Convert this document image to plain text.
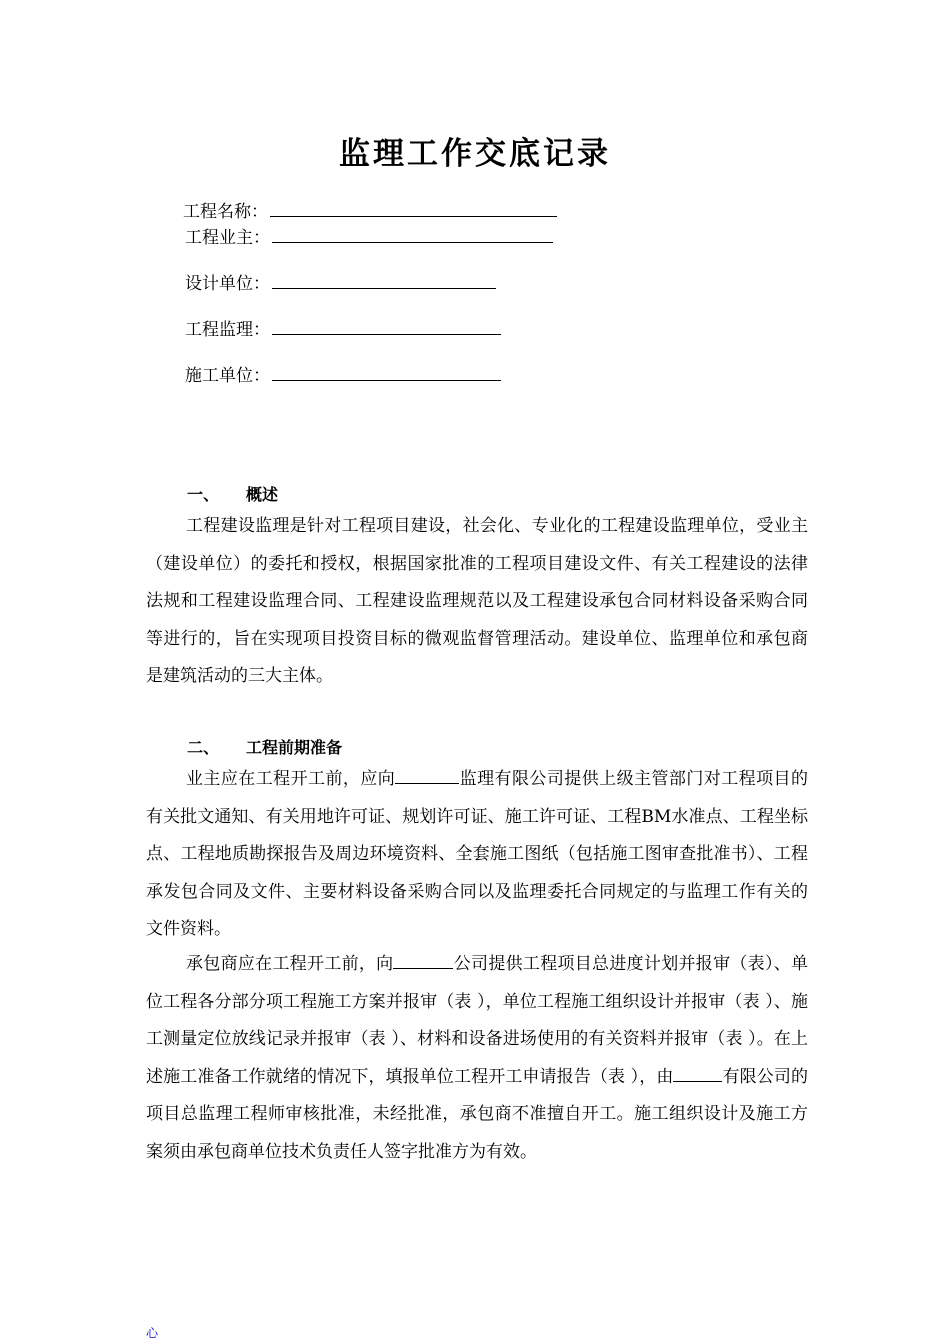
监理工作交底记录
工程名称：
工程业主：
设计单位：
工程监理：
施工单位：
一、 概述
工程建设监理是针对工程项目建设，社会化、专业化的工程建设监理单位，受业主（建设单位）的委托和授权，根据国家批准的工程项目建设文件、有关工程建设的法律法规和工程建设监理合同、工程建设监理规范以及工程建设承包合同材料设备采购合同等进行的，旨在实现项目投资目标的微观监督管理活动。建设单位、监理单位和承包商是建筑活动的三大主体。
二、 工程前期准备
业主应在工程开工前，应向	监理有限公司提供上级主管部门对工程项目的有关批文通知、有关用地许可证、规划许可证、施工许可证、工程BM水准点、工程坐标点、工程地质勘探报告及周边环境资料、全套施工图纸（包括施工图审查批准书）、工程承发包合同及文件、主要材料设备采购合同以及监理委托合同规定的与监理工作有关的文件资料。
承包商应在工程开工前，向	公司提供工程项目总进度计划并报审（表）、单位工程各分部分项工程施工方案并报审（表 ），单位工程施工组织设计并报审（表 ）、施工测量定位放线记录并报审（表 ）、材料和设备进场使用的有关资料并报审（表 ）。在上述施工准备工作就绪的情况下，填报单位工程开工申请报告（表 ），由	有限公司的项目总监理工程师审核批准，未经批准，承包商不准擅自开工。施工组织设计及施工方案须由承包商单位技术负责任人签字批准方为有效。
心
